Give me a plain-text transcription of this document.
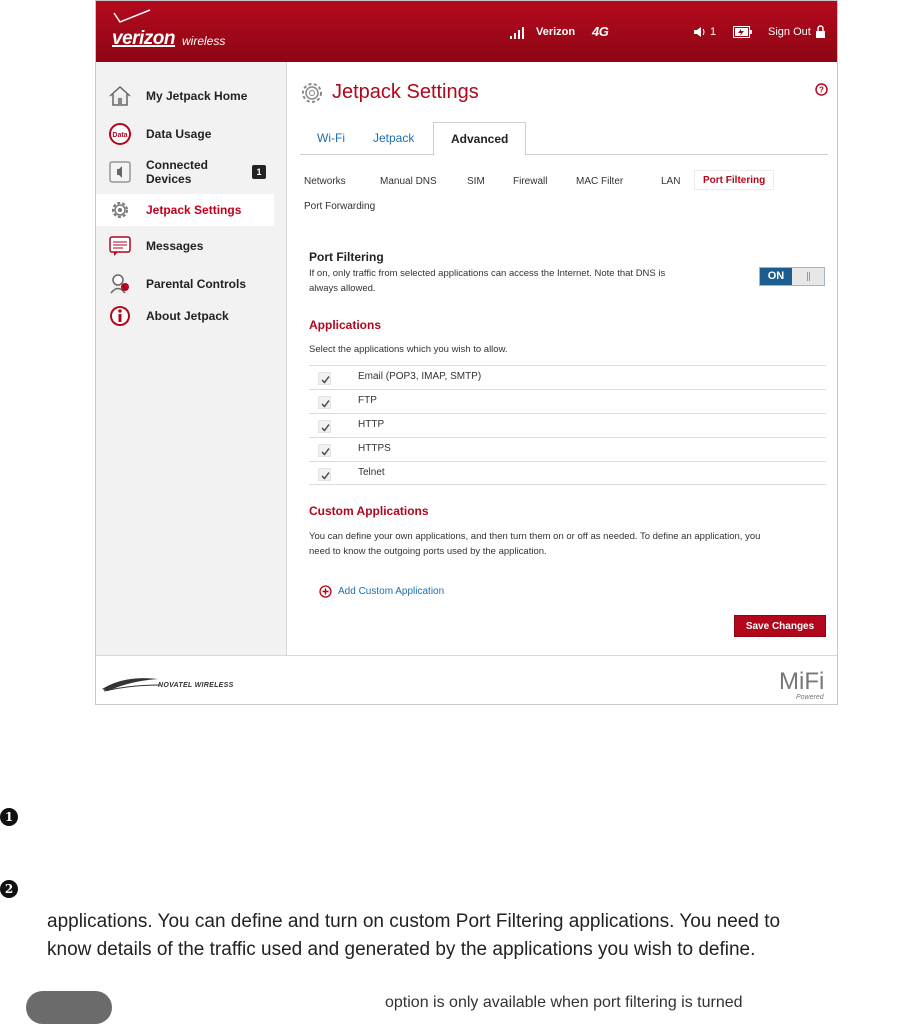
verizon wireless
Verizon 4G	1	Sign Out
My Jetpack Home
Data Data Usage
Connected Devices	1
Jetpack Settings
Messages
Parental Controls
About Jetpack
Jetpack Settings	?
Wi-Fi	Jetpack	Advanced
Networks	Manual DNS	SIM	Firewall	MAC Filter	LAN	Port Filtering
Port Forwarding
Port Filtering
If on, only traffic from selected applications can access the Internet. Note that DNS is
always allowed.
ON
Applications
Select the applications which you wish to allow.
Email (POP3, IMAP, SMTP)
FTP
HTTP
HTTPS
Telnet
Custom Applications
You can define your own applications, and then turn them on or off as needed. To define an application, you
need to know the outgoing ports used by the application.
Add Custom Application
Save Changes
NOVATEL WIRELESS	MiFi
Powered
1
2
applications. You can define and turn on custom Port Filtering applications. You need to
know details of the traffic used and generated by the applications you wish to define.
option is only available when port filtering is turned
